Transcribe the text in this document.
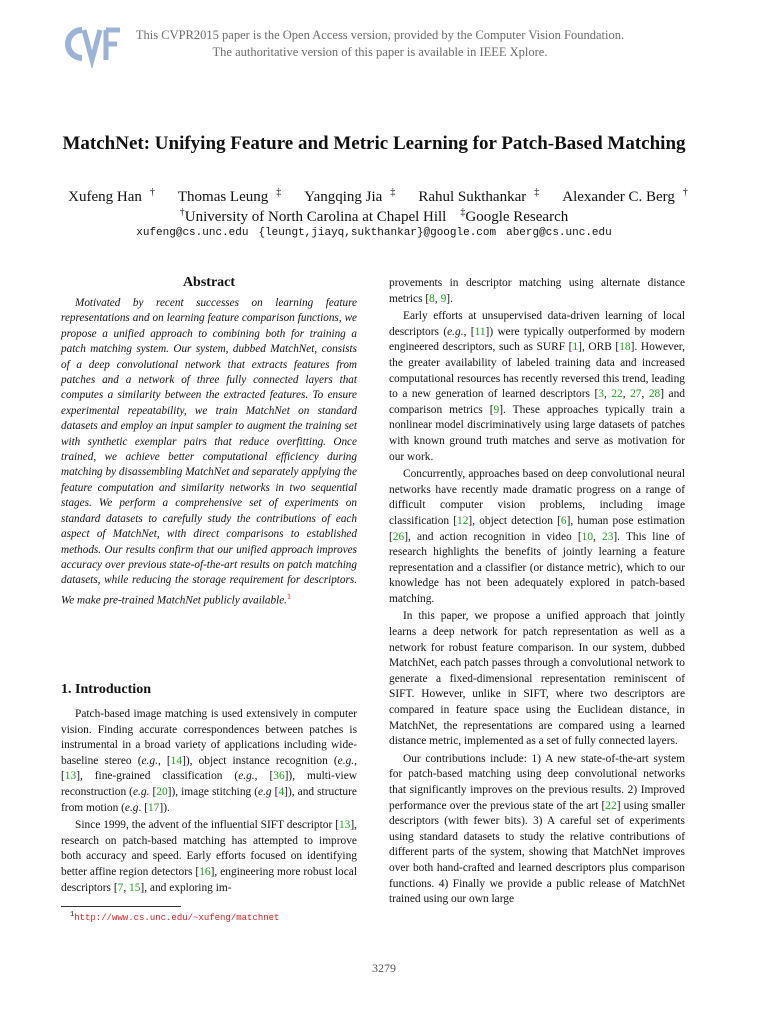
This CVPR2015 paper is the Open Access version, provided by the Computer Vision Foundation.
The authoritative version of this paper is available in IEEE Xplore.
MatchNet: Unifying Feature and Metric Learning for Patch-Based Matching
Xufeng Han †  Thomas Leung ‡  Yangqing Jia ‡  Rahul Sukthankar ‡  Alexander C. Berg †
†University of North Carolina at Chapel Hill ‡Google Research
xufeng@cs.unc.edu {leungt,jiayq,sukthankar}@google.com aberg@cs.unc.edu
Abstract

Motivated by recent successes on learning feature representations and on learning feature comparison functions, we propose a unified approach to combining both for training a patch matching system. Our system, dubbed MatchNet, consists of a deep convolutional network that extracts features from patches and a network of three fully connected layers that computes a similarity between the extracted features. To ensure experimental repeatability, we train MatchNet on standard datasets and employ an input sampler to augment the training set with synthetic exemplar pairs that reduce overfitting. Once trained, we achieve better computational efficiency during matching by disassembling MatchNet and separately applying the feature computation and similarity networks in two sequential stages. We perform a comprehensive set of experiments on standard datasets to carefully study the contributions of each aspect of MatchNet, with direct comparisons to established methods. Our results confirm that our unified approach improves accuracy over previous state-of-the-art results on patch matching datasets, while reducing the storage requirement for descriptors. We make pre-trained MatchNet publicly available.$^1$

1. Introduction

Patch-based image matching is used extensively in computer vision. Finding accurate correspondences between patches is instrumental in a broad variety of applications including wide-baseline stereo (e.g., [14]), object instance recognition (e.g., [13], fine-grained classification (e.g., [36]), multi-view reconstruction (e.g. [20]), image stitching (e.g [4]), and structure from motion (e.g. [17]).

Since 1999, the advent of the influential SIFT descriptor [13], research on patch-based matching has attempted to improve both accuracy and speed. Early efforts focused on identifying better affine region detectors [16], engineering more robust local descriptors [7, 15], and exploring im-

$^1$http://www.cs.unc.edu/~xufeng/matchnet

provements in descriptor matching using alternate distance metrics [8, 9].

Early efforts at unsupervised data-driven learning of local descriptors (e.g., [11]) were typically outperformed by modern engineered descriptors, such as SURF [1], ORB [18]. However, the greater availability of labeled training data and increased computational resources has recently reversed this trend, leading to a new generation of learned descriptors [3, 22, 27, 28] and comparison metrics [9]. These approaches typically train a nonlinear model discriminatively using large datasets of patches with known ground truth matches and serve as motivation for our work.

Concurrently, approaches based on deep convolutional neural networks have recently made dramatic progress on a range of difficult computer vision problems, including image classification [12], object detection [6], human pose estimation [26], and action recognition in video [10, 23]. This line of research highlights the benefits of jointly learning a feature representation and a classifier (or distance metric), which to our knowledge has not been adequately explored in patch-based matching.

In this paper, we propose a unified approach that jointly learns a deep network for patch representation as well as a network for robust feature comparison. In our system, dubbed MatchNet, each patch passes through a convolutional network to generate a fixed-dimensional representation reminiscent of SIFT. However, unlike in SIFT, where two descriptors are compared in feature space using the Euclidean distance, in MatchNet, the representations are compared using a learned distance metric, implemented as a set of fully connected layers.

Our contributions include: 1) A new state-of-the-art system for patch-based matching using deep convolutional networks that significantly improves on the previous results. 2) Improved performance over the previous state of the art [22] using smaller descriptors (with fewer bits). 3) A careful set of experiments using standard datasets to study the relative contributions of different parts of the system, showing that MatchNet improves over both hand-crafted and learned descriptors plus comparison functions. 4) Finally we provide a public release of MatchNet trained using our own large

3279
